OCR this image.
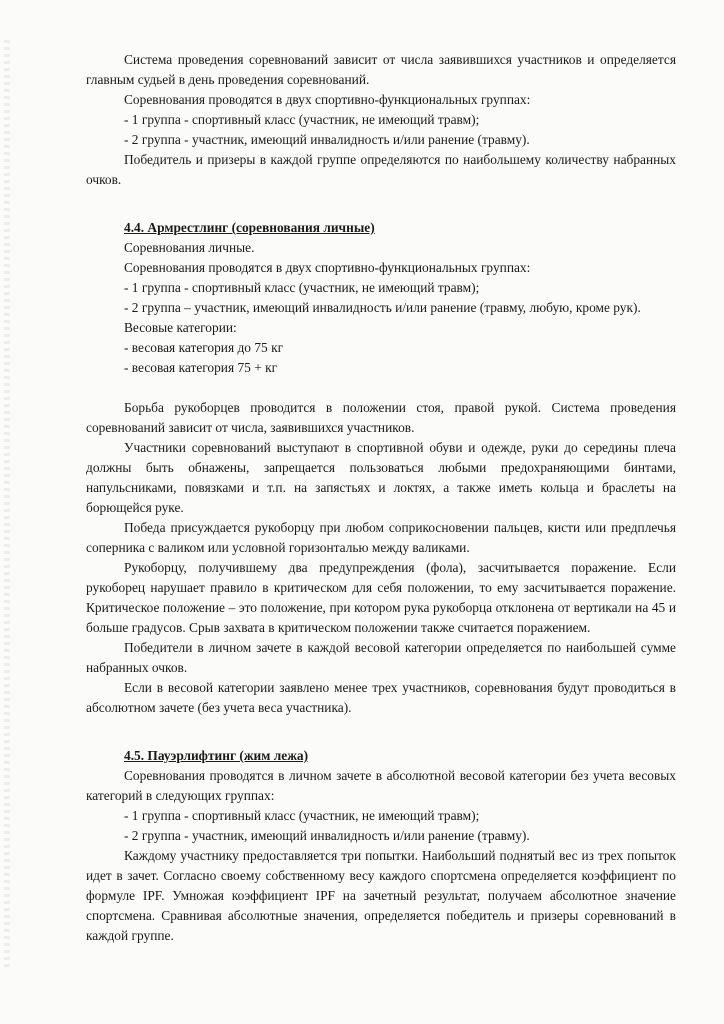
Система проведения соревнований зависит от числа заявившихся участников и определяется главным судьей в день проведения соревнований.

Соревнования проводятся в двух спортивно-функциональных группах:

- 1 группа - спортивный класс (участник, не имеющий травм);

- 2 группа - участник, имеющий инвалидность и/или ранение (травму).

Победитель и призеры в каждой группе определяются по наибольшему количеству набранных очков.

4.4. Армрестлинг (соревнования личные)

Соревнования личные.

Соревнования проводятся в двух спортивно-функциональных группах:

- 1 группа - спортивный класс (участник, не имеющий травм);

- 2 группа – участник, имеющий инвалидность и/или ранение (травму, любую, кроме рук).

Весовые категории:

- весовая категория до 75 кг

- весовая категория 75 + кг

Борьба рукоборцев проводится в положении стоя, правой рукой. Система проведения соревнований зависит от числа, заявившихся участников.

Участники соревнований выступают в спортивной обуви и одежде, руки до середины плеча должны быть обнажены, запрещается пользоваться любыми предохраняющими бинтами, напульсниками, повязками и т.п. на запястьях и локтях, а также иметь кольца и браслеты на борющейся руке.

Победа присуждается рукоборцу при любом соприкосновении пальцев, кисти или предплечья соперника с валиком или условной горизонталью между валиками.

Рукоборцу, получившему два предупреждения (фола), засчитывается поражение. Если рукоборец нарушает правило в критическом для себя положении, то ему засчитывается поражение. Критическое положение – это положение, при котором рука рукоборца отклонена от вертикали на 45 и больше градусов. Срыв захвата в критическом положении также считается поражением.

Победители в личном зачете в каждой весовой категории определяется по наибольшей сумме набранных очков.

Если в весовой категории заявлено менее трех участников, соревнования будут проводиться в абсолютном зачете (без учета веса участника).

4.5. Пауэрлифтинг (жим лежа)

Соревнования проводятся в личном зачете в абсолютной весовой категории без учета весовых категорий в следующих группах:

- 1 группа - спортивный класс (участник, не имеющий травм);

- 2 группа - участник, имеющий инвалидность и/или ранение (травму).

Каждому участнику предоставляется три попытки. Наибольший поднятый вес из трех попыток идет в зачет. Согласно своему собственному весу каждого спортсмена определяется коэффициент по формуле IPF. Умножая коэффициент IPF на зачетный результат, получаем абсолютное значение спортсмена. Сравнивая абсолютные значения, определяется победитель и призеры соревнований в каждой группе.
